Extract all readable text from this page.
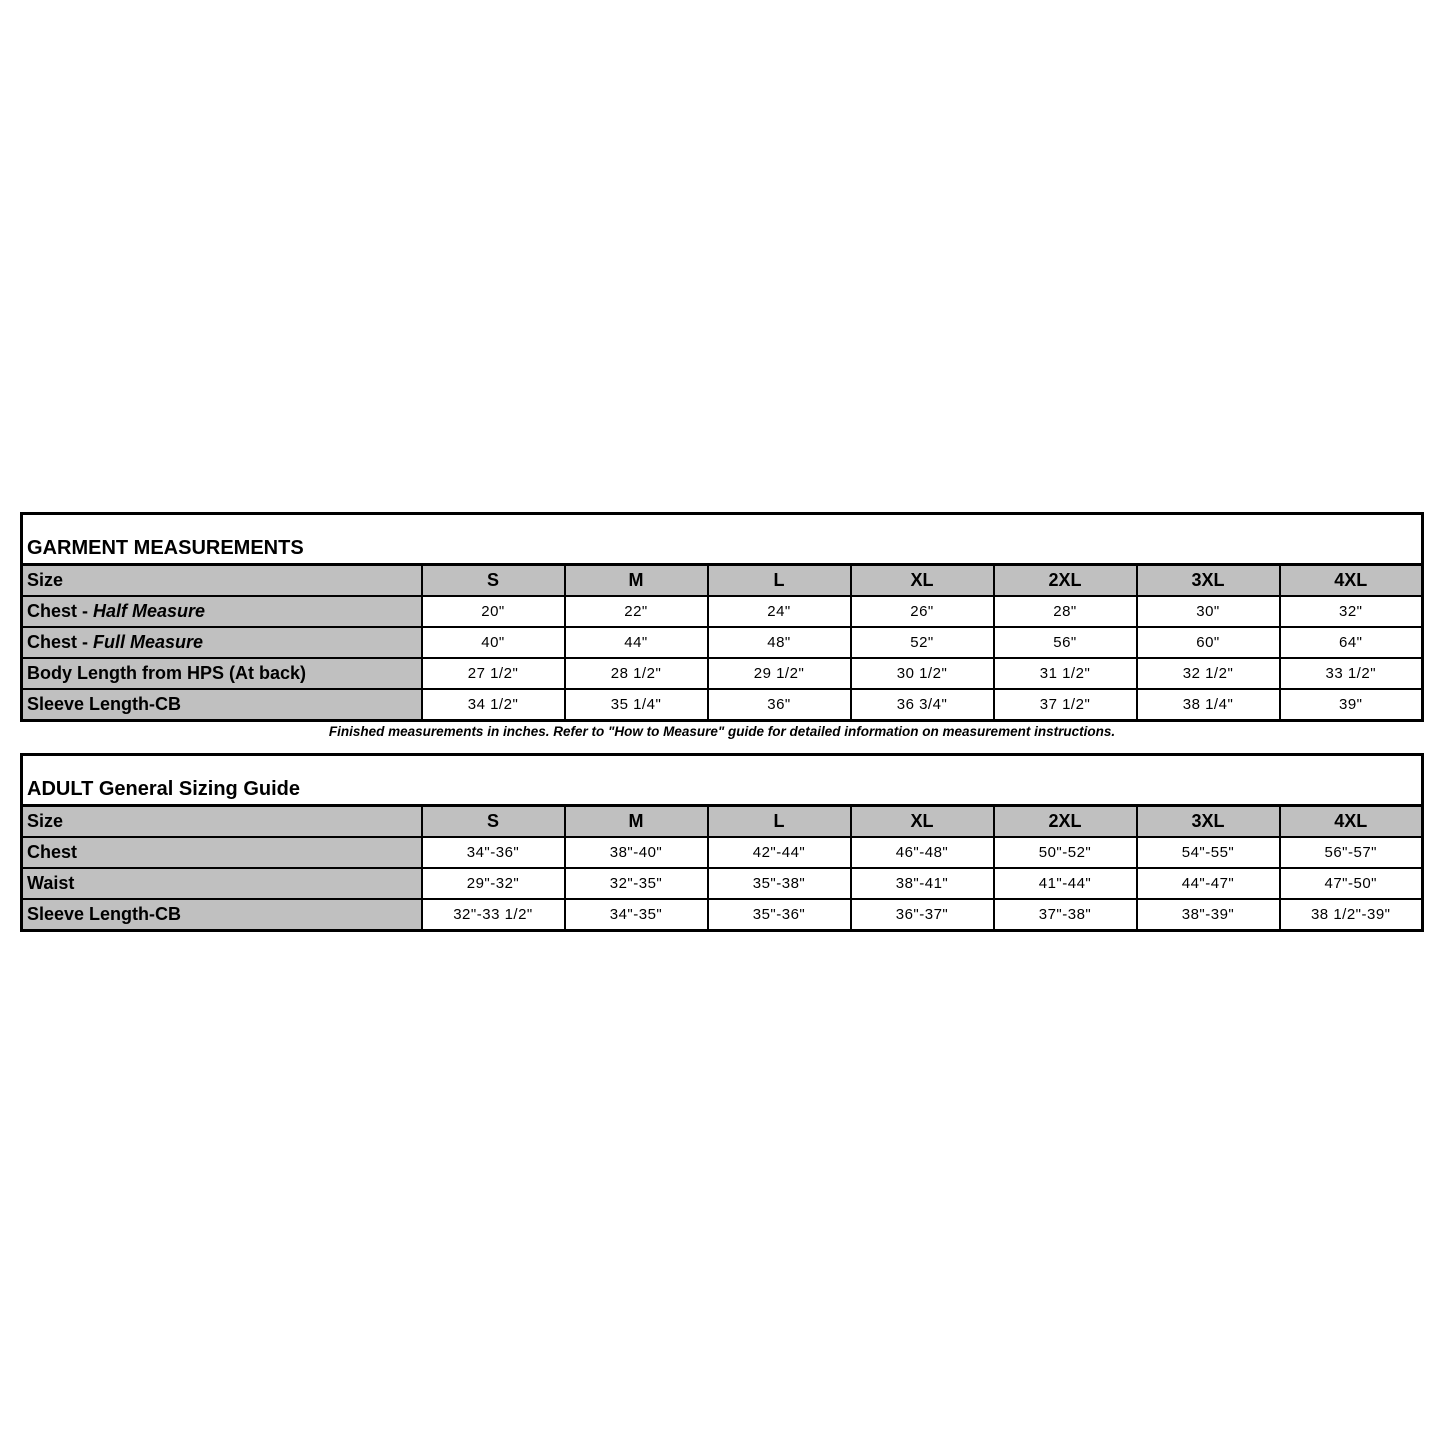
GARMENT MEASUREMENTS							
Size	S	M	L	XL	2XL	3XL	4XL
Chest - Half Measure	20"	22"	24"	26"	28"	30"	32"
Chest - Full Measure	40"	44"	48"	52"	56"	60"	64"
Body Length from HPS (At back)	27 1/2"	28 1/2"	29 1/2"	30 1/2"	31 1/2"	32 1/2"	33 1/2"
Sleeve Length-CB	34 1/2"	35 1/4"	36"	36 3/4"	37 1/2"	38 1/4"	39"
Finished measurements in inches. Refer to "How to Measure" guide for detailed information on measurement instructions.
ADULT General Sizing Guide							
Size	S	M	L	XL	2XL	3XL	4XL
Chest	34"-36"	38"-40"	42"-44"	46"-48"	50"-52"	54"-55"	56"-57"
Waist	29"-32"	32"-35"	35"-38"	38"-41"	41"-44"	44"-47"	47"-50"
Sleeve Length-CB	32"-33 1/2"	34"-35"	35"-36"	36"-37"	37"-38"	38"-39"	38 1/2"-39"
